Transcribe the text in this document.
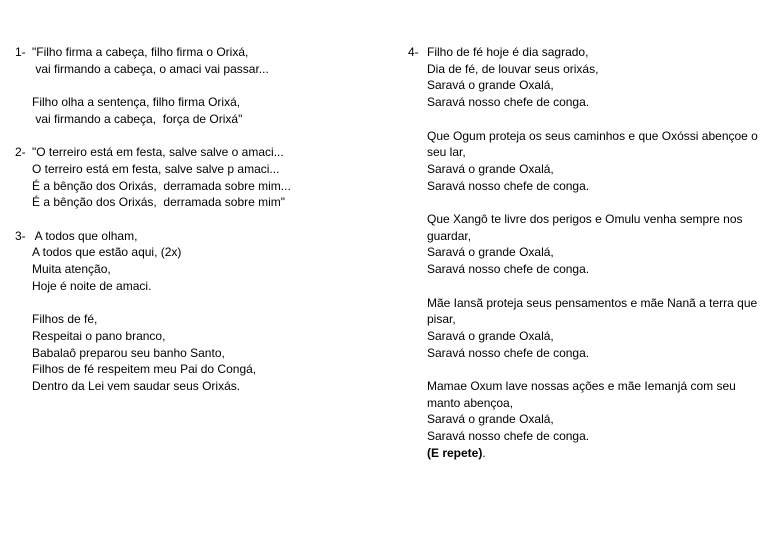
1- "Filho firma a cabeça, filho firma o Orixá,
vai firmando a cabeça, o amaci vai passar...
Filho olha a sentença, filho firma Orixá,
vai firmando a cabeça,  força de Orixá"
2- "O terreiro está em festa, salve salve o amaci...
O terreiro está em festa, salve salve p amaci...
É a bênção dos Orixás,  derramada sobre mim...
É a bênção dos Orixás,  derramada sobre mim"
3- A todos que olham,
A todos que estão aqui, (2x)
Muita atenção,
Hoje é noite de amaci.
Filhos de fé,
Respeitai o pano branco,
Babalaô preparou seu banho Santo,
Filhos de fé respeitem meu Pai do Congá,
Dentro da Lei vem saudar seus Orixás.
4- Filho de fé hoje é dia sagrado,
Dia de fé, de louvar seus orixás,
Saravá o grande Oxalá,
Saravá nosso chefe de conga.
Que Ogum proteja os seus caminhos e que Oxóssi abençoe o seu lar,
Saravá o grande Oxalá,
Saravá nosso chefe de conga.
Que Xangô te livre dos perigos e Omulu venha sempre nos guardar,
Saravá o grande Oxalá,
Saravá nosso chefe de conga.
Mãe Iansã proteja seus pensamentos e mãe Nanã a terra que pisar,
Saravá o grande Oxalá,
Saravá nosso chefe de conga.
Mamae Oxum lave nossas ações e mãe Iemanjá com seu manto abençoa,
Saravá o grande Oxalá,
Saravá nosso chefe de conga.
(E repete).
